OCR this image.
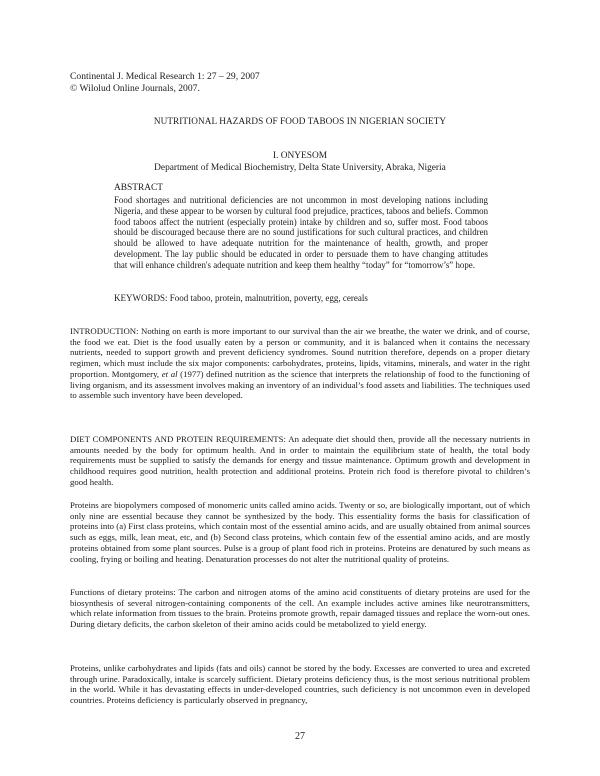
Continental J. Medical Research 1: 27 – 29, 2007
© Wilolud Online Journals, 2007.
NUTRITIONAL HAZARDS OF FOOD TABOOS IN NIGERIAN SOCIETY
I. ONYESOM
Department of Medical Biochemistry, Delta State University, Abraka, Nigeria
ABSTRACT
Food shortages and nutritional deficiencies are not uncommon in most developing nations including Nigeria, and these appear to be worsen by cultural food prejudice, practices, taboos and beliefs. Common food taboos affect the nutrient (especially protein) intake by children and so, suffer most. Food taboos should be discouraged because there are no sound justifications for such cultural practices, and children should be allowed to have adequate nutrition for the maintenance of health, growth, and proper development. The lay public should be educated in order to persuade them to have changing attitudes that will enhance children's adequate nutrition and keep them healthy “today” for “tomorrow’s” hope.
KEYWORDS: Food taboo, protein, malnutrition, poverty, egg, cereals
INTRODUCTION: Nothing on earth is more important to our survival than the air we breathe, the water we drink, and of course, the food we eat. Diet is the food usually eaten by a person or community, and it is balanced when it contains the necessary nutrients, needed to support growth and prevent deficiency syndromes. Sound nutrition therefore, depends on a proper dietary regimen, which must include the six major components: carbohydrates, proteins, lipids, vitamins, minerals, and water in the right proportion. Montgomery, et al (1977) defined nutrition as the science that interprets the relationship of food to the functioning of living organism, and its assessment involves making an inventory of an individual’s food assets and liabilities. The techniques used to assemble such inventory have been developed.
DIET COMPONENTS AND PROTEIN REQUIREMENTS: An adequate diet should then, provide all the necessary nutrients in amounts needed by the body for optimum health. And in order to maintain the equilibrium state of health, the total body requirements must be supplied to satisfy the demands for energy and tissue maintenance. Optimum growth and development in childhood requires good nutrition, health protection and additional proteins. Protein rich food is therefore pivotal to children’s good health.
Proteins are biopolymers composed of monomeric units called amino acids. Twenty or so, are biologically important, out of which only nine are essential because they cannot be synthesized by the body. This essentiality forms the basis for classification of proteins into (a) First class proteins, which contain most of the essential amino acids, and are usually obtained from animal sources such as eggs, milk, lean meat, etc, and (b) Second class proteins, which contain few of the essential amino acids, and are mostly proteins obtained from some plant sources. Pulse is a group of plant food rich in proteins. Proteins are denatured by such means as cooling, frying or boiling and heating. Denaturation processes do not alter the nutritional quality of proteins.
Functions of dietary proteins: The carbon and nitrogen atoms of the amino acid constituents of dietary proteins are used for the biosynthesis of several nitrogen-containing components of the cell. An example includes active amines like neurotransmitters, which relate information from tissues to the brain. Proteins promote growth, repair damaged tissues and replace the worn-out ones. During dietary deficits, the carbon skeleton of their amino acids could be metabolized to yield energy.
Proteins, unlike carbohydrates and lipids (fats and oils) cannot be stored by the body. Excesses are converted to urea and excreted through urine. Paradoxically, intake is scarcely sufficient. Dietary proteins deficiency thus, is the most serious nutritional problem in the world. While it has devastating effects in under-developed countries, such deficiency is not uncommon even in developed countries. Proteins deficiency is particularly observed in pregnancy,
27
